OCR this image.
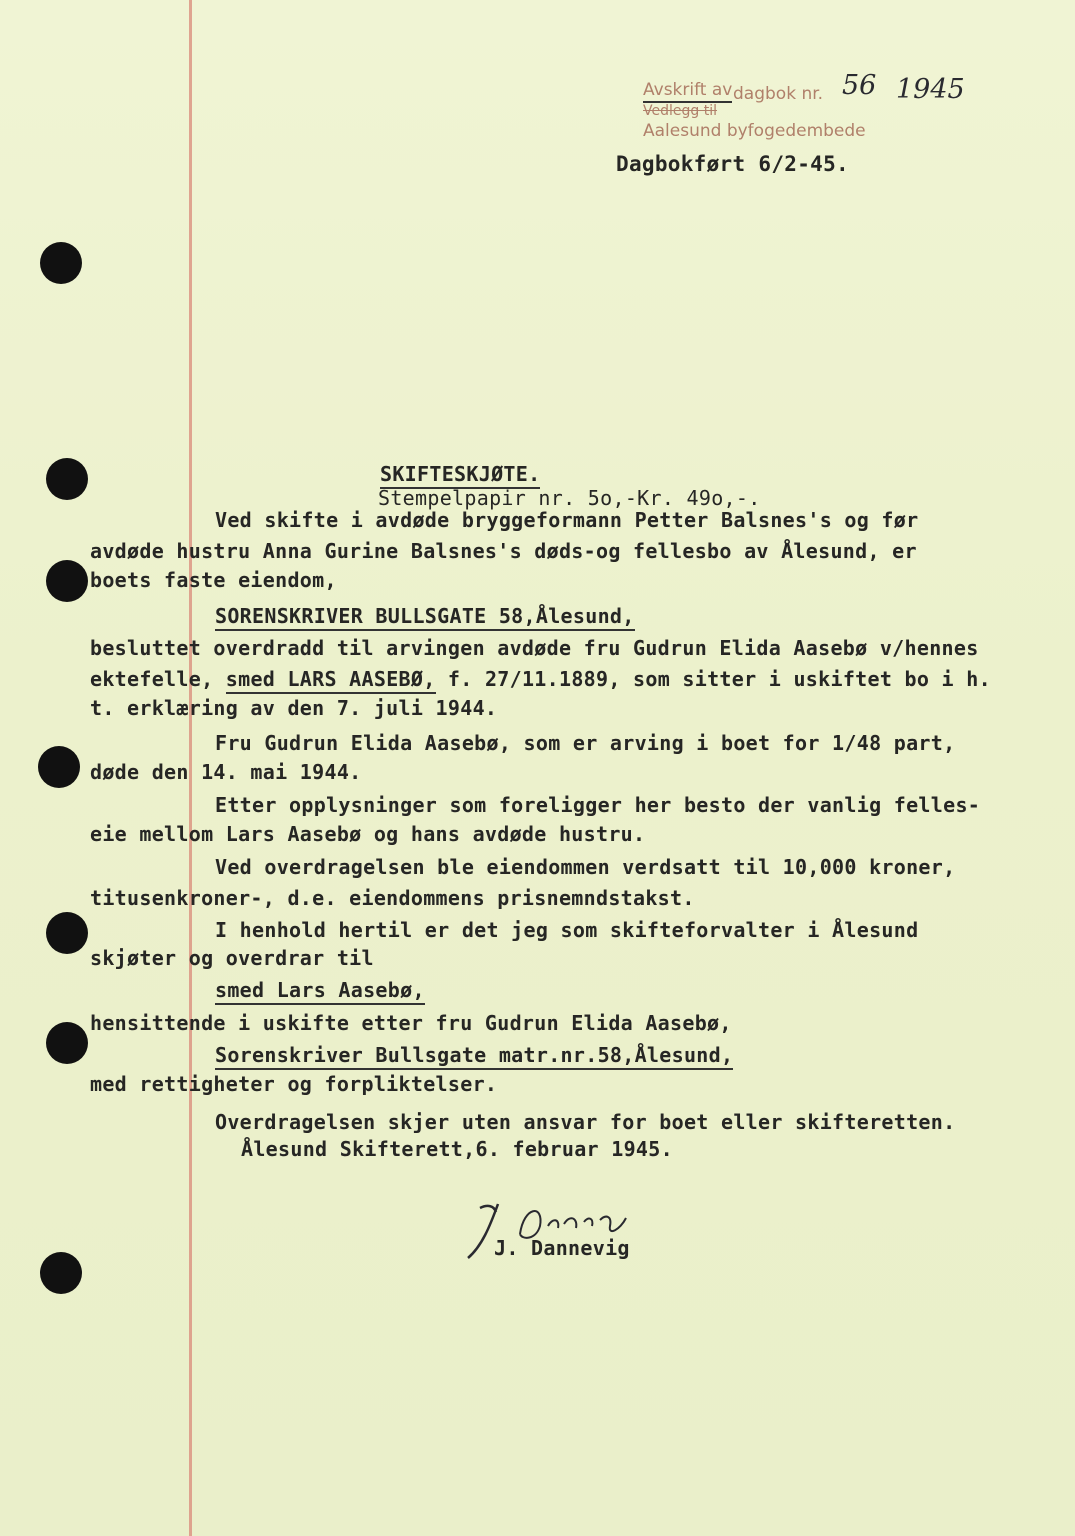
Avskrift av dagbok nr.
Vedlegg til
Aalesund byfogedembede
56 1945
Dagbokført 6/2-45.
SKIFTESKJØTE.
Stempelpapir nr. 5o,-Kr. 49o,-.
Ved skifte i avdøde bryggeformann Petter Balsnes's og før
avdøde hustru Anna Gurine Balsnes's døds-og fellesbo av Ålesund, er
boets faste eiendom,
SORENSKRIVER BULLSGATE 58,Ålesund,
besluttet overdradd til arvingen avdøde fru Gudrun Elida Aasebø v/hennes
ektefelle, smed LARS AASEBØ, f. 27/11.1889, som sitter i uskiftet bo i h.
t. erklæring av den 7. juli 1944.
Fru Gudrun Elida Aasebø, som er arving i boet for 1/48 part,
døde den 14. mai 1944.
Etter opplysninger som foreligger her besto der vanlig felles-
eie mellom Lars Aasebø og hans avdøde hustru.
Ved overdragelsen ble eiendommen verdsatt til 10,000 kroner,
titusenkroner-, d.e. eiendommens prisnemndstakst.
I henhold hertil er det jeg som skifteforvalter i Ålesund
skjøter og overdrar til
smed Lars Aasebø,
hensittende i uskifte etter fru Gudrun Elida Aasebø,
Sorenskriver Bullsgate matr.nr.58,Ålesund,
med rettigheter og forpliktelser.
Overdragelsen skjer uten ansvar for boet eller skifteretten.
Ålesund Skifterett,6. februar 1945.
J. Dannevig
